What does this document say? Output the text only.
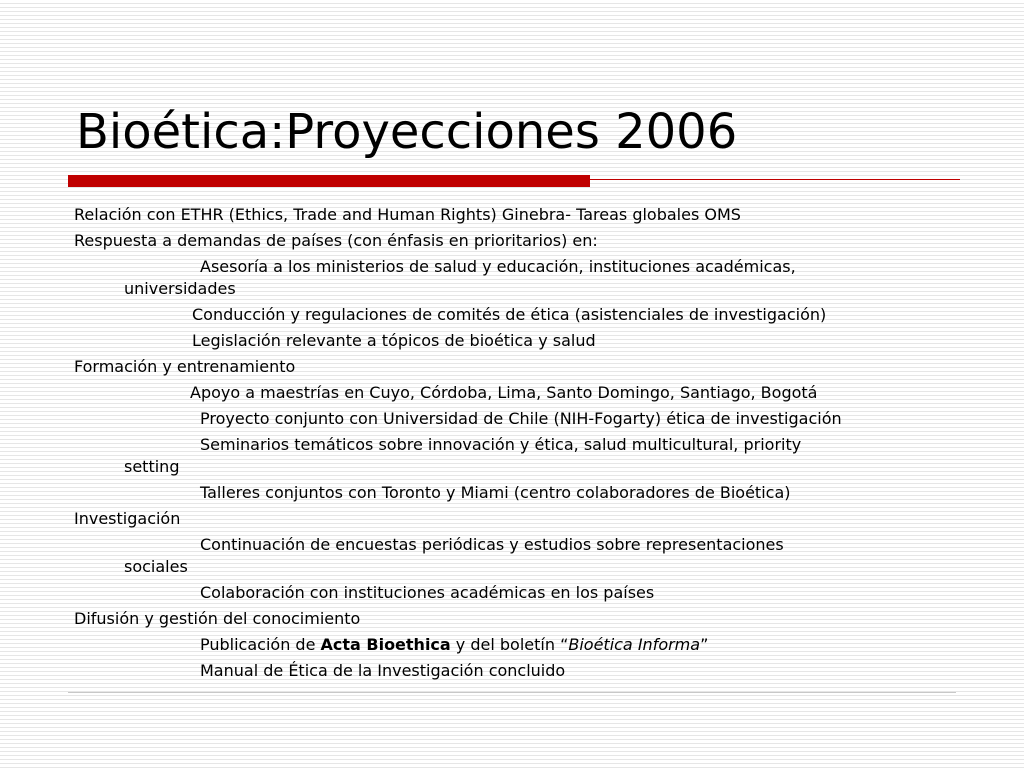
Bioética:Proyecciones 2006
Relación con ETHR (Ethics, Trade and Human Rights) Ginebra- Tareas globales OMS
Respuesta a demandas de países (con énfasis en prioritarios) en:
Asesoría a los ministerios de salud y educación, instituciones académicas,
universidades
Conducción y regulaciones de comités de ética (asistenciales de investigación)
Legislación relevante a tópicos de bioética y salud
Formación y entrenamiento
Apoyo a maestrías en Cuyo, Córdoba, Lima, Santo Domingo, Santiago, Bogotá
Proyecto conjunto con Universidad de Chile (NIH-Fogarty) ética de investigación
Seminarios temáticos sobre innovación y ética, salud multicultural, priority
setting
Talleres conjuntos con Toronto y Miami (centro colaboradores de Bioética)
Investigación
Continuación de encuestas periódicas y estudios sobre representaciones
sociales
Colaboración con instituciones académicas en los países
Difusión y gestión del conocimiento
Publicación de Acta Bioethica y del boletín “Bioética Informa”
Manual de Ética de la Investigación concluido
